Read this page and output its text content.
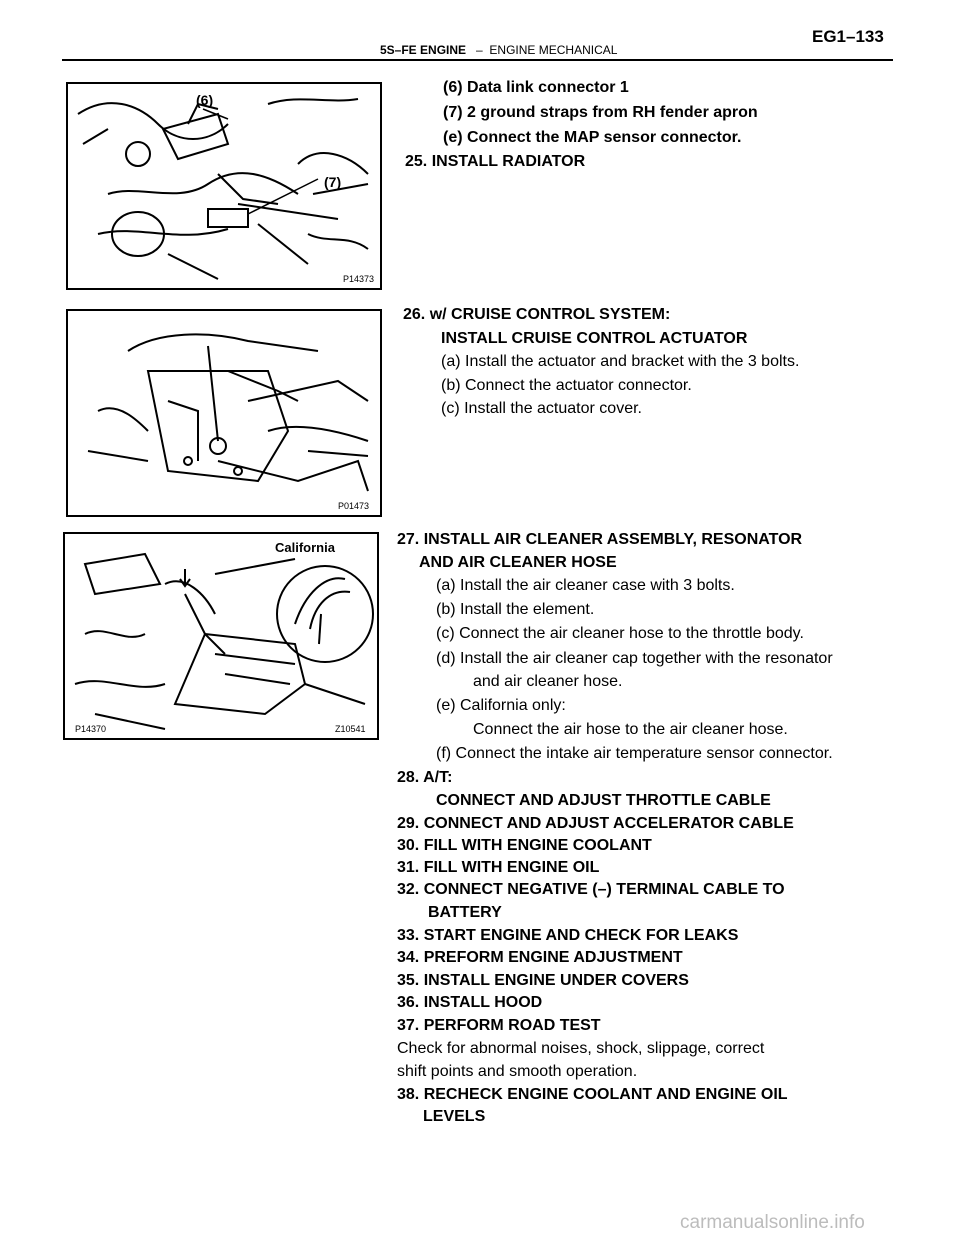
5S–FE ENGINE – ENGINE MECHANICAL
EG1–133
(6)
(7)
P14373
P01473
California
P14370	Z10541
(6) Data link connector 1
(7) 2 ground straps from RH fender apron
(e) Connect the MAP sensor connector.
25. INSTALL RADIATOR
26. w/ CRUISE CONTROL SYSTEM:
INSTALL CRUISE CONTROL ACTUATOR
(a) Install the actuator and bracket with the 3 bolts.
(b) Connect the actuator connector.
(c) Install the actuator cover.
27. INSTALL AIR CLEANER ASSEMBLY, RESONATOR
AND AIR CLEANER HOSE
(a) Install the air cleaner case with 3 bolts.
(b) Install the element.
(c) Connect the air cleaner hose to the throttle body.
(d) Install the air cleaner cap together with the resonator
and air cleaner hose.
(e) California only:
Connect the air hose to the air cleaner hose.
(f) Connect the intake air temperature sensor connector.
28. A/T:
CONNECT AND ADJUST THROTTLE CABLE
29. CONNECT AND ADJUST ACCELERATOR CABLE
30. FILL WITH ENGINE COOLANT
31. FILL WITH ENGINE OIL
32. CONNECT NEGATIVE (–) TERMINAL CABLE TO
BATTERY
33. START ENGINE AND CHECK FOR LEAKS
34. PREFORM ENGINE ADJUSTMENT
35. INSTALL ENGINE UNDER COVERS
36. INSTALL HOOD
37. PERFORM ROAD TEST
Check for abnormal noises, shock, slippage, correct
shift points and smooth operation.
38. RECHECK ENGINE COOLANT AND ENGINE OIL
LEVELS
carmanualsonline.info
